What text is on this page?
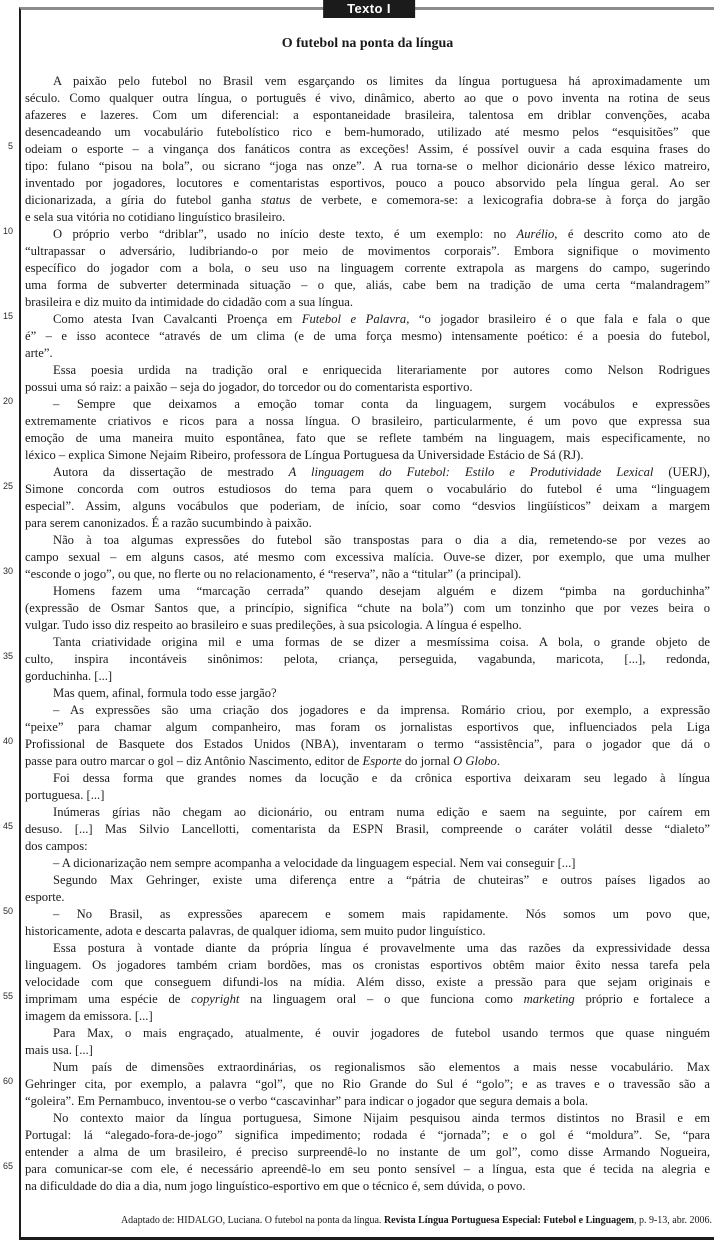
5
10
15
20
25
30
35
40
45
50
55
60
65
Texto I
O futebol na ponta da língua
A paixão pelo futebol no Brasil vem esgarçando os limites da língua portuguesa há aproximadamente um
século. Como qualquer outra língua, o português é vivo, dinâmico, aberto ao que o povo inventa na rotina de seus
afazeres e lazeres. Com um diferencial: a espontaneidade brasileira, talentosa em driblar convenções, acaba
desencadeando um vocabulário futebolístico rico e bem-humorado, utilizado até mesmo pelos “esquisitões” que
odeiam o esporte – a vingança dos fanáticos contra as exceções! Assim, é possível ouvir a cada esquina frases do
tipo: fulano “pisou na bola”, ou sicrano “joga nas onze”. A rua torna-se o melhor dicionário desse léxico matreiro,
inventado por jogadores, locutores e comentaristas esportivos, pouco a pouco absorvido pela língua geral. Ao ser
dicionarizada, a gíria do futebol ganha status de verbete, e comemora-se: a lexicografia dobra-se à força do jargão
e sela sua vitória no cotidiano linguístico brasileiro.
O próprio verbo “driblar”, usado no início deste texto, é um exemplo: no Aurélio, é descrito como ato de
“ultrapassar o adversário, ludibriando-o por meio de movimentos corporais”. Embora signifique o movimento
específico do jogador com a bola, o seu uso na linguagem corrente extrapola as margens do campo, sugerindo
uma forma de subverter determinada situação – o que, aliás, cabe bem na tradição de uma certa “malandragem”
brasileira e diz muito da intimidade do cidadão com a sua língua.
Como atesta Ivan Cavalcanti Proença em Futebol e Palavra, “o jogador brasileiro é o que fala e fala o que
é” – e isso acontece “através de um clima (e de uma força mesmo) intensamente poético: é a poesia do futebol,
arte”.
Essa poesia urdida na tradição oral e enriquecida literariamente por autores como Nelson Rodrigues
possui uma só raiz: a paixão – seja do jogador, do torcedor ou do comentarista esportivo.
– Sempre que deixamos a emoção tomar conta da linguagem, surgem vocábulos e expressões
extremamente criativos e ricos para a nossa língua. O brasileiro, particularmente, é um povo que expressa sua
emoção de uma maneira muito espontânea, fato que se reflete também na linguagem, mais especificamente, no
léxico – explica Simone Nejaim Ribeiro, professora de Língua Portuguesa da Universidade Estácio de Sá (RJ).
Autora da dissertação de mestrado A linguagem do Futebol: Estilo e Produtividade Lexical (UERJ),
Simone concorda com outros estudiosos do tema para quem o vocabulário do futebol é uma “linguagem
especial”. Assim, alguns vocábulos que poderiam, de início, soar como “desvios lingüísticos” deixam a margem
para serem canonizados. É a razão sucumbindo à paixão.
Não à toa algumas expressões do futebol são transpostas para o dia a dia, remetendo-se por vezes ao
campo sexual – em alguns casos, até mesmo com excessiva malícia. Ouve-se dizer, por exemplo, que uma mulher
“esconde o jogo”, ou que, no flerte ou no relacionamento, é “reserva”, não a “titular” (a principal).
Homens fazem uma “marcação cerrada” quando desejam alguém e dizem “pimba na gorduchinha”
(expressão de Osmar Santos que, a princípio, significa “chute na bola”) com um tonzinho que por vezes beira o
vulgar. Tudo isso diz respeito ao brasileiro e suas predileções, à sua psicologia. A língua é espelho.
Tanta criatividade origina mil e uma formas de se dizer a mesmíssima coisa. A bola, o grande objeto de
culto, inspira incontáveis sinônimos: pelota, criança, perseguida, vagabunda, maricota, [...], redonda,
gorduchinha. [...]
Mas quem, afinal, formula todo esse jargão?
– As expressões são uma criação dos jogadores e da imprensa. Romário criou, por exemplo, a expressão
“peixe” para chamar algum companheiro, mas foram os jornalistas esportivos que, influenciados pela Liga
Profissional de Basquete dos Estados Unidos (NBA), inventaram o termo “assistência”, para o jogador que dá o
passe para outro marcar o gol – diz Antônio Nascimento, editor de Esporte do jornal O Globo.
Foi dessa forma que grandes nomes da locução e da crônica esportiva deixaram seu legado à língua
portuguesa. [...]
Inúmeras gírias não chegam ao dicionário, ou entram numa edição e saem na seguinte, por caírem em
desuso. [...] Mas Silvio Lancellotti, comentarista da ESPN Brasil, compreende o caráter volátil desse “dialeto”
dos campos:
– A dicionarização nem sempre acompanha a velocidade da linguagem especial. Nem vai conseguir [...]
Segundo Max Gehringer, existe uma diferença entre a “pátria de chuteiras” e outros países ligados ao
esporte.
– No Brasil, as expressões aparecem e somem mais rapidamente. Nós somos um povo que,
historicamente, adota e descarta palavras, de qualquer idioma, sem muito pudor linguístico.
Essa postura à vontade diante da própria língua é provavelmente uma das razões da expressividade dessa
linguagem. Os jogadores também criam bordões, mas os cronistas esportivos obtêm maior êxito nessa tarefa pela
velocidade com que conseguem difundi-los na mídia. Além disso, existe a pressão para que sejam originais e
imprimam uma espécie de copyright na linguagem oral – o que funciona como marketing próprio e fortalece a
imagem da emissora. [...]
Para Max, o mais engraçado, atualmente, é ouvir jogadores de futebol usando termos que quase ninguém
mais usa. [...]
Num país de dimensões extraordinárias, os regionalismos são elementos a mais nesse vocabulário. Max
Gehringer cita, por exemplo, a palavra “gol”, que no Rio Grande do Sul é “golo”; e as traves e o travessão são a
“goleira”. Em Pernambuco, inventou-se o verbo “cascavinhar” para indicar o jogador que segura demais a bola.
No contexto maior da língua portuguesa, Simone Nijaim pesquisou ainda termos distintos no Brasil e em
Portugal: lá “alegado-fora-de-jogo” significa impedimento; rodada é “jornada”; e o gol é “moldura”. Se, “para
entender a alma de um brasileiro, é preciso surpreendê-lo no instante de um gol”, como disse Armando Nogueira,
para comunicar-se com ele, é necessário apreendê-lo em seu ponto sensível – a língua, esta que é tecida na alegria e
na dificuldade do dia a dia, num jogo linguístico-esportivo em que o técnico é, sem dúvida, o povo.
Adaptado de: HIDALGO, Luciana. O futebol na ponta da língua. Revista Língua Portuguesa Especial: Futebol e Linguagem, p. 9-13, abr. 2006.
